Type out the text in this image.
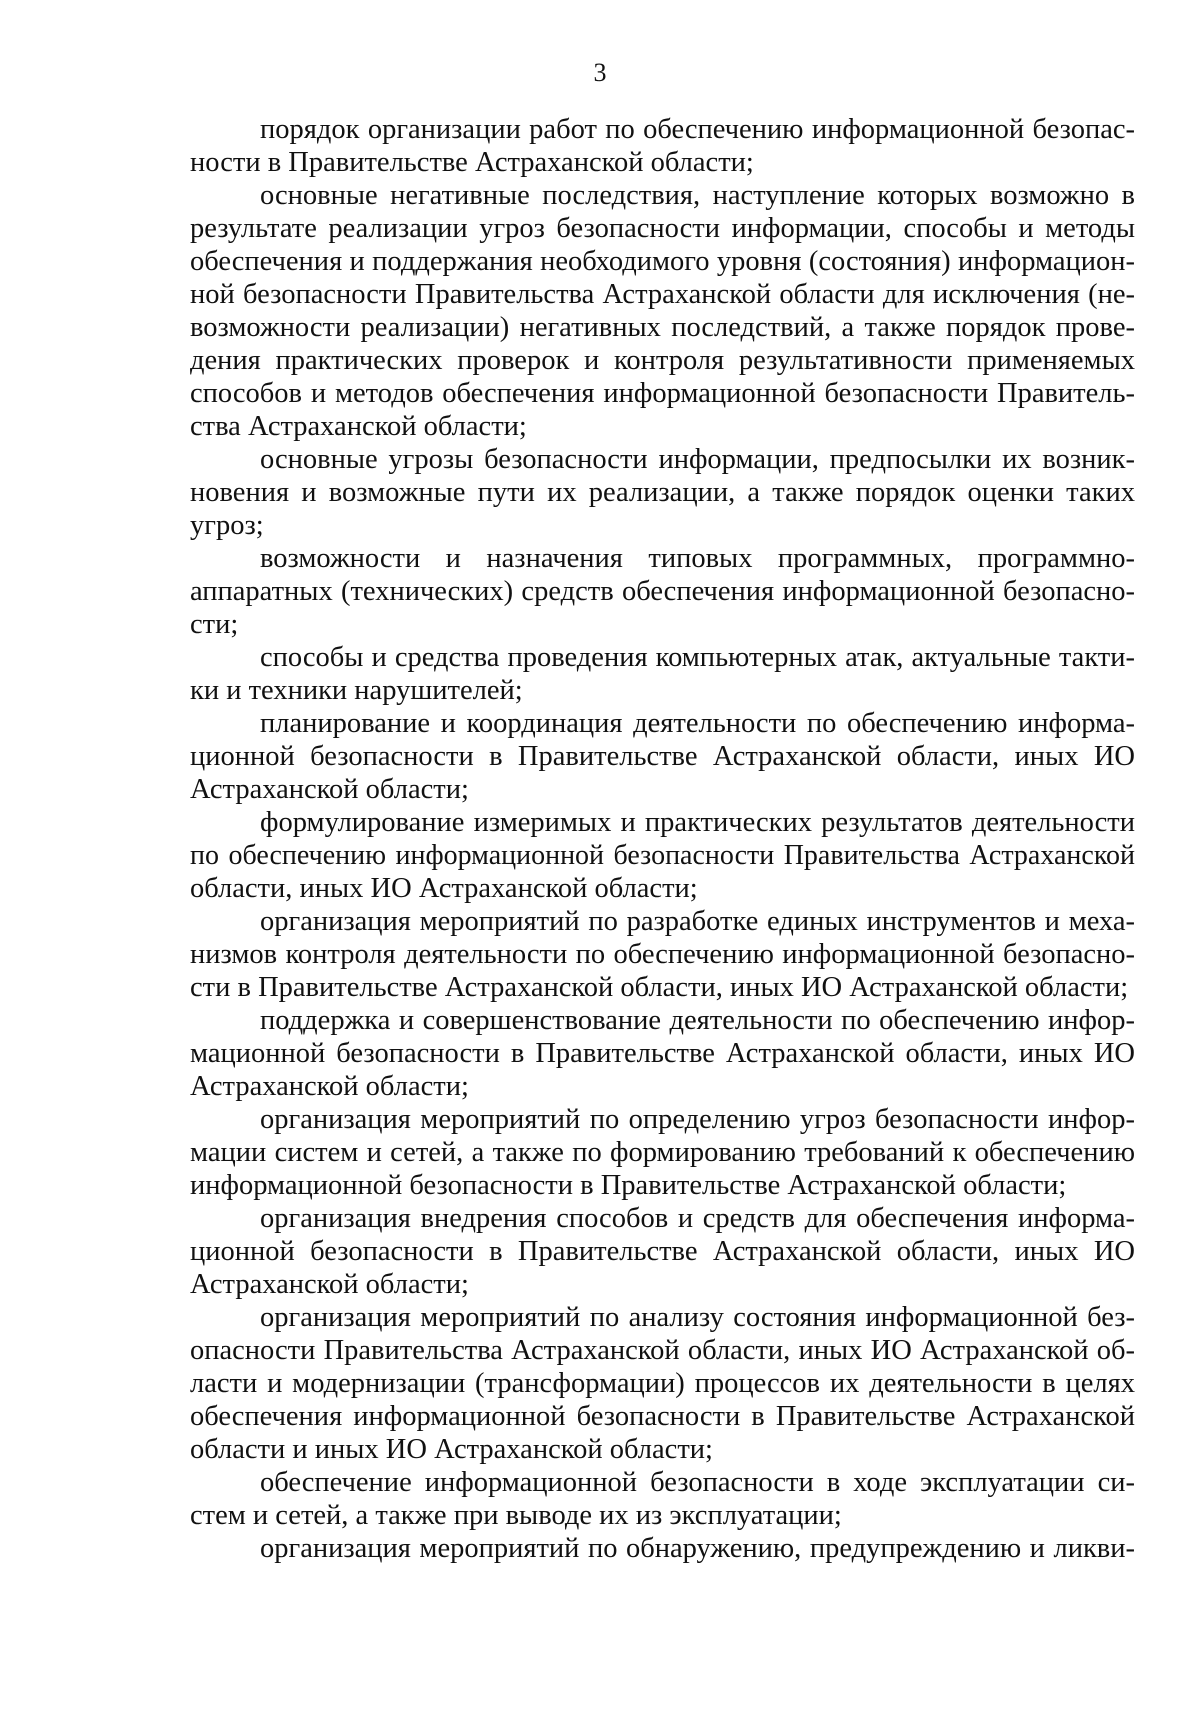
3
порядок организации работ по обеспечению информационной безопас-
ности в Правительстве Астраханской области;
основные негативные последствия, наступление которых возможно в
результате реализации угроз безопасности информации, способы и методы
обеспечения и поддержания необходимого уровня (состояния) информацион-
ной безопасности Правительства Астраханской области для исключения (не-
возможности реализации) негативных последствий, а также порядок прове-
дения практических проверок и контроля результативности применяемых
способов и методов обеспечения информационной безопасности Правитель-
ства Астраханской области;
основные угрозы безопасности информации, предпосылки их возник-
новения и возможные пути их реализации, а также порядок оценки таких
угроз;
возможности и назначения типовых программных, программно-
аппаратных (технических) средств обеспечения информационной безопасно-
сти;
способы и средства проведения компьютерных атак, актуальные такти-
ки и техники нарушителей;
планирование и координация деятельности по обеспечению информа-
ционной безопасности в Правительстве Астраханской области, иных ИО
Астраханской области;
формулирование измеримых и практических результатов деятельности
по обеспечению информационной безопасности Правительства Астраханской
области, иных ИО Астраханской области;
организация мероприятий по разработке единых инструментов и меха-
низмов контроля деятельности по обеспечению информационной безопасно-
сти в Правительстве Астраханской области, иных ИО Астраханской области;
поддержка и совершенствование деятельности по обеспечению инфор-
мационной безопасности в Правительстве Астраханской области, иных ИО
Астраханской области;
организация мероприятий по определению угроз безопасности инфор-
мации систем и сетей, а также по формированию требований к обеспечению
информационной безопасности в Правительстве Астраханской области;
организация внедрения способов и средств для обеспечения информа-
ционной безопасности в Правительстве Астраханской области, иных ИО
Астраханской области;
организация мероприятий по анализу состояния информационной без-
опасности Правительства Астраханской области, иных ИО Астраханской об-
ласти и модернизации (трансформации) процессов их деятельности в целях
обеспечения информационной безопасности в Правительстве Астраханской
области и иных ИО Астраханской области;
обеспечение информационной безопасности в ходе эксплуатации си-
стем и сетей, а также при выводе их из эксплуатации;
организация мероприятий по обнаружению, предупреждению и ликви-
